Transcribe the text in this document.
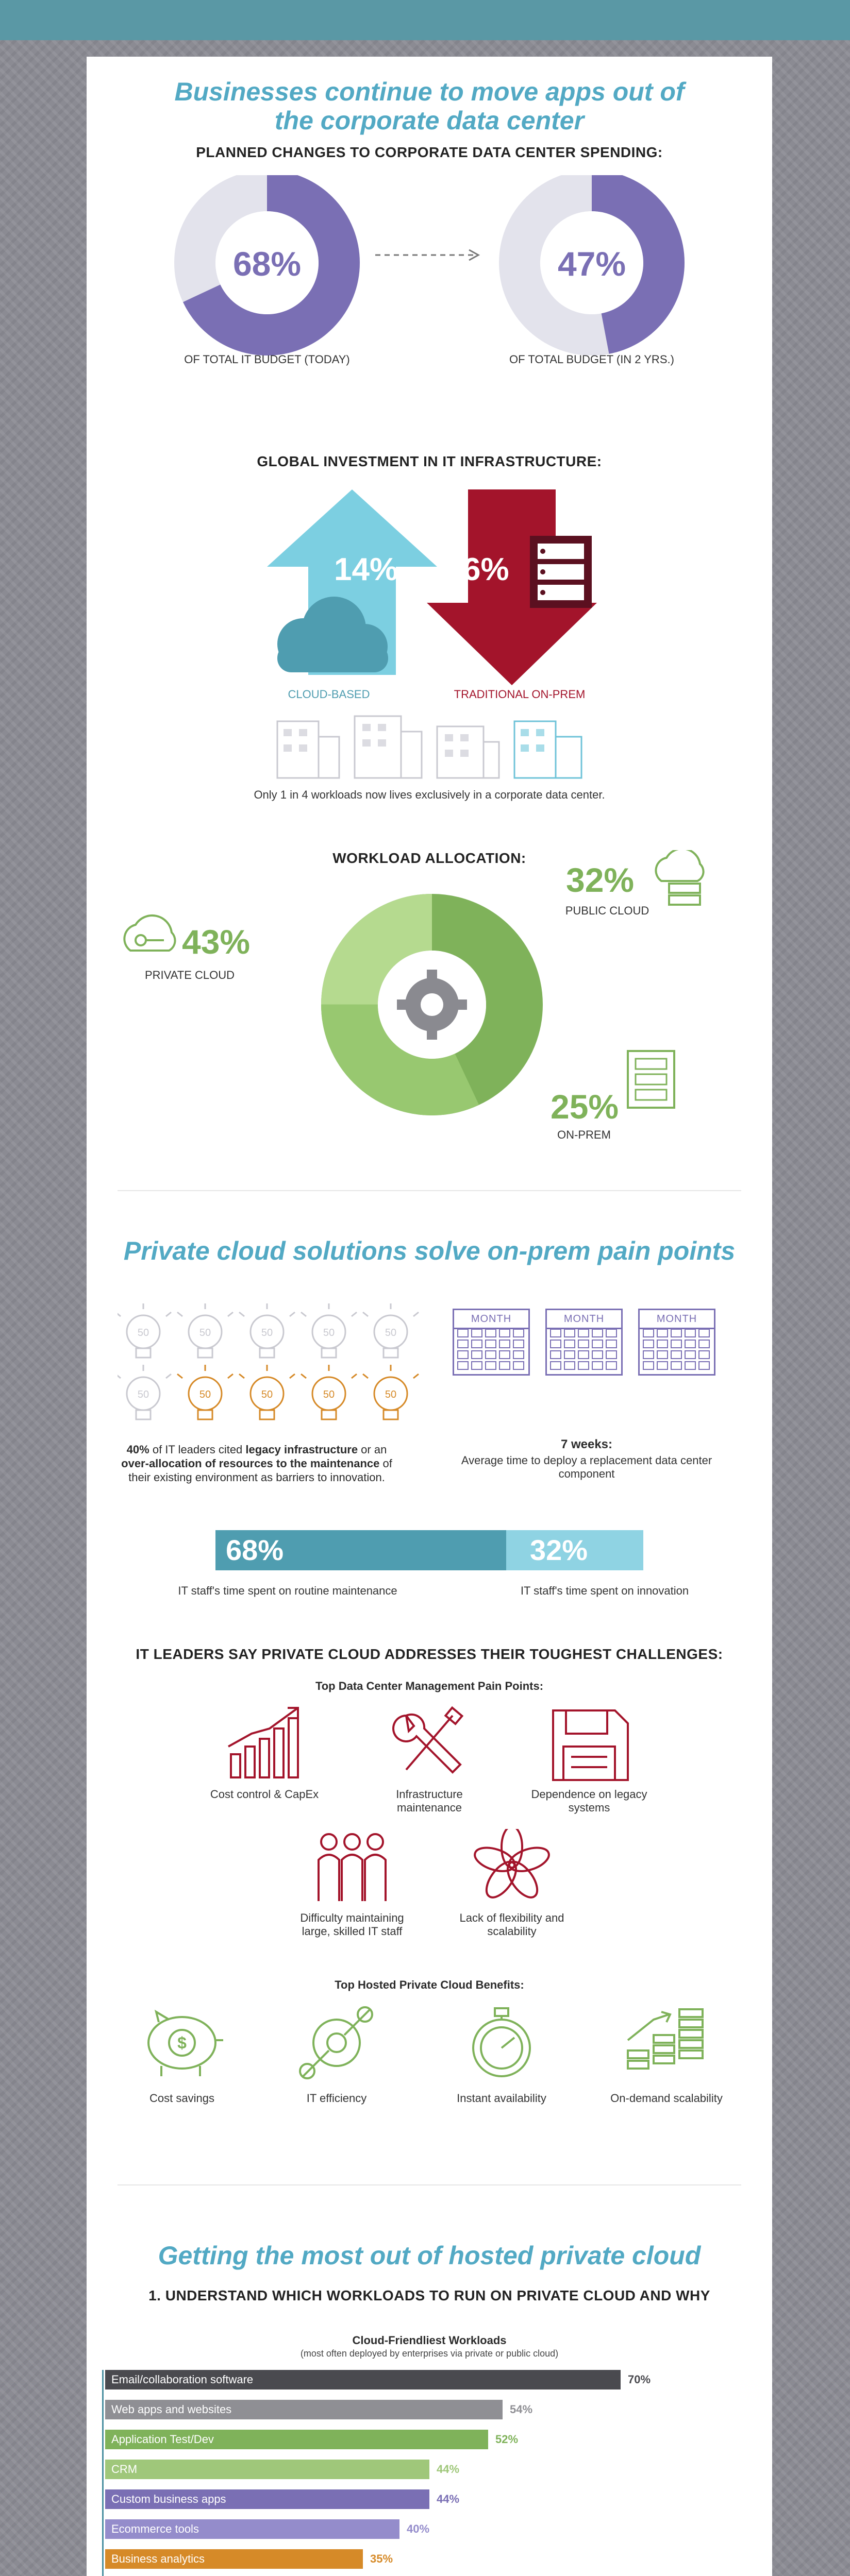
Businesses continue to move apps out of the corporate data center
PLANNED CHANGES TO CORPORATE DATA CENTER SPENDING:
68%
OF TOTAL IT BUDGET (TODAY)
47%
OF TOTAL BUDGET (IN 2 YRS.)
GLOBAL INVESTMENT IN IT INFRASTRUCTURE:
14%
CLOUD-BASED
6%
TRADITIONAL ON-PREM
Only 1 in 4 workloads now lives exclusively in a corporate data center.
WORKLOAD ALLOCATION:
43%
PRIVATE CLOUD
32%
PUBLIC CLOUD
25%
ON-PREM
Private cloud solutions solve on-prem pain points
50	50	50	50	50
50	50	50	50	50
40% of IT leaders cited legacy infrastructure or an over-allocation of resources to the maintenance of their existing environment as barriers to innovation.
MONTH	MONTH	MONTH
7 weeks:
Average time to deploy a replacement data center component
68%	32%
IT staff's time spent on routine maintenance	IT staff's time spent on innovation
IT LEADERS SAY PRIVATE CLOUD ADDRESSES THEIR TOUGHEST CHALLENGES:
Top Data Center Management Pain Points:
Cost control & CapEx	Infrastructure maintenance
Dependence on legacy systems
Difficulty maintaining large, skilled IT staff
Lack of flexibility and scalability
Top Hosted Private Cloud Benefits:
$
Cost savings	IT efficiency	Instant availability	On-demand scalability
Getting the most out of hosted private cloud
1. UNDERSTAND WHICH WORKLOADS TO RUN ON PRIVATE CLOUD AND WHY
Cloud-Friendliest Workloads
(most often deployed by enterprises via private or public cloud)
Email/collaboration software	70%
Web apps and websites	54%
Application Test/Dev	52%
CRM	44%
Custom business apps	44%
Ecommerce tools	40%
Business analytics	35%
